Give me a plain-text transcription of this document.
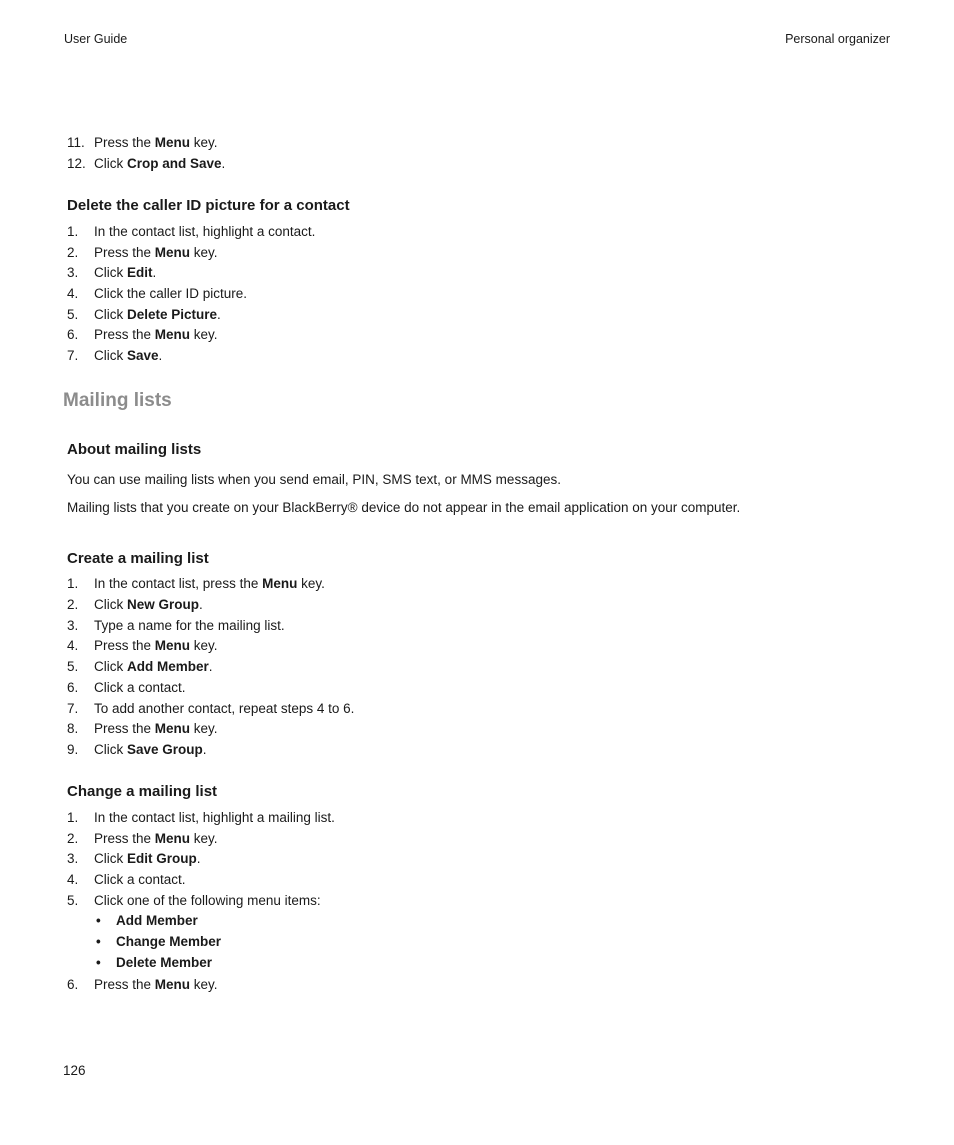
User Guide	Personal organizer
11. Press the Menu key.
12. Click Crop and Save.
Delete the caller ID picture for a contact
1. In the contact list, highlight a contact.
2. Press the Menu key.
3. Click Edit.
4. Click the caller ID picture.
5. Click Delete Picture.
6. Press the Menu key.
7. Click Save.
Mailing lists
About mailing lists
You can use mailing lists when you send email, PIN, SMS text, or MMS messages.
Mailing lists that you create on your BlackBerry® device do not appear in the email application on your computer.
Create a mailing list
1. In the contact list, press the Menu key.
2. Click New Group.
3. Type a name for the mailing list.
4. Press the Menu key.
5. Click Add Member.
6. Click a contact.
7. To add another contact, repeat steps 4 to 6.
8. Press the Menu key.
9. Click Save Group.
Change a mailing list
1. In the contact list, highlight a mailing list.
2. Press the Menu key.
3. Click Edit Group.
4. Click a contact.
5. Click one of the following menu items:
• Add Member
• Change Member
• Delete Member
6. Press the Menu key.
126
